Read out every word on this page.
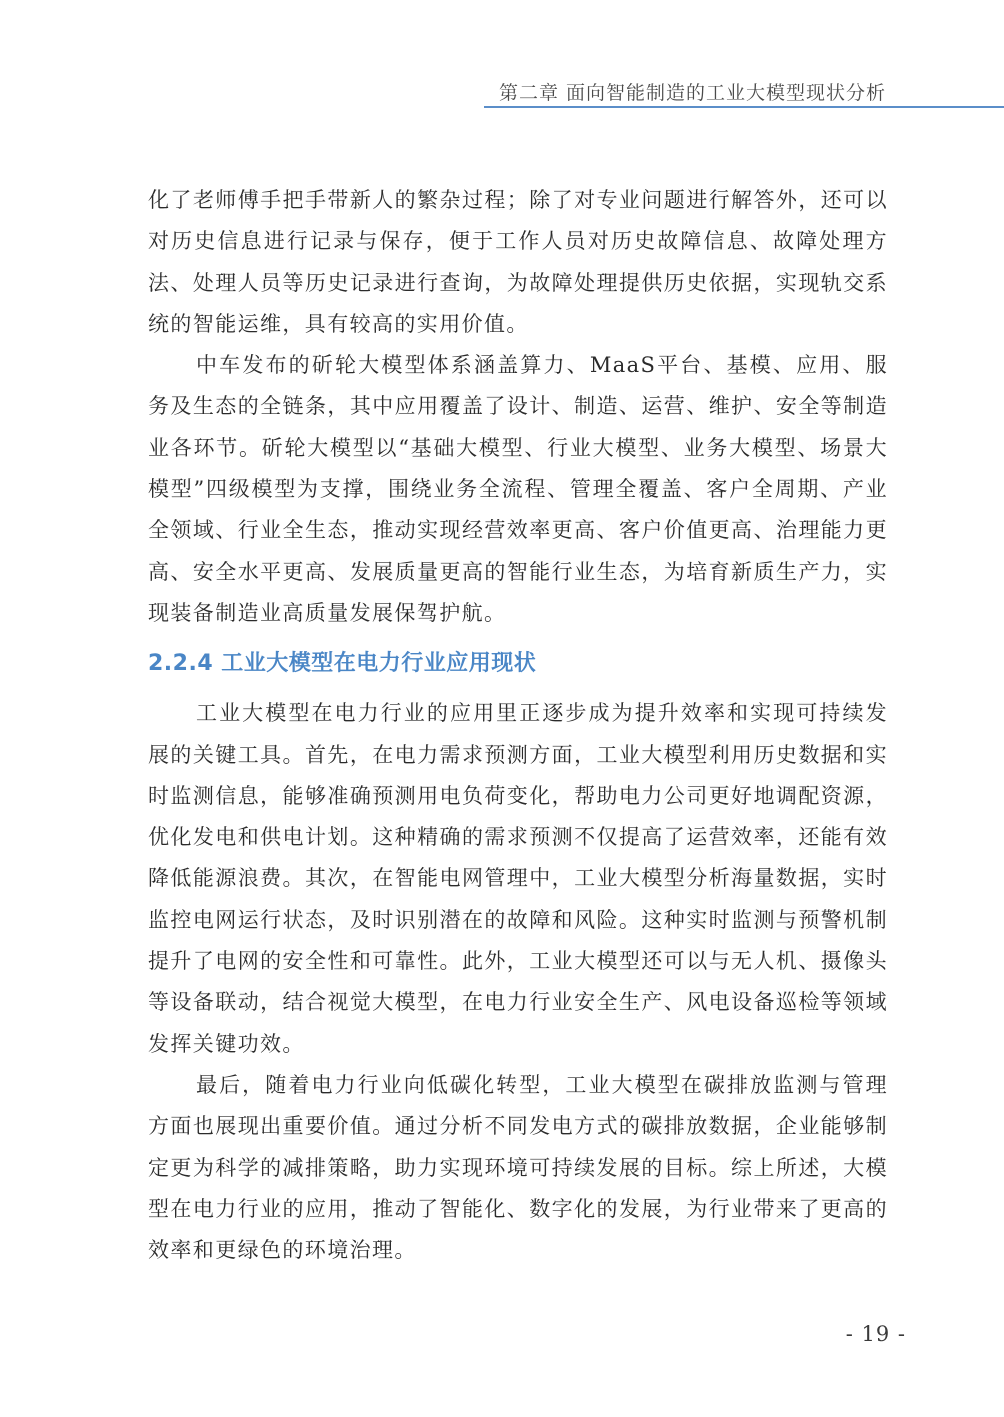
第二章 面向智能制造的工业大模型现状分析

化了老师傅手把手带新人的繁杂过程；除了对专业问题进行解答外，还可以对历史信息进行记录与保存，便于工作人员对历史故障信息、故障处理方法、处理人员等历史记录进行查询，为故障处理提供历史依据，实现轨交系统的智能运维，具有较高的实用价值。

中车发布的斫轮大模型体系涵盖算力、MaaS平台、基模、应用、服务及生态的全链条，其中应用覆盖了设计、制造、运营、维护、安全等制造业各环节。斫轮大模型以“基础大模型、行业大模型、业务大模型、场景大模型”四级模型为支撑，围绕业务全流程、管理全覆盖、客户全周期、产业全领域、行业全生态，推动实现经营效率更高、客户价值更高、治理能力更高、安全水平更高、发展质量更高的智能行业生态，为培育新质生产力，实现装备制造业高质量发展保驾护航。

2.2.4 工业大模型在电力行业应用现状

工业大模型在电力行业的应用里正逐步成为提升效率和实现可持续发展的关键工具。首先，在电力需求预测方面，工业大模型利用历史数据和实时监测信息，能够准确预测用电负荷变化，帮助电力公司更好地调配资源，优化发电和供电计划。这种精确的需求预测不仅提高了运营效率，还能有效降低能源浪费。其次，在智能电网管理中，工业大模型分析海量数据，实时监控电网运行状态，及时识别潜在的故障和风险。这种实时监测与预警机制提升了电网的安全性和可靠性。此外，工业大模型还可以与无人机、摄像头等设备联动，结合视觉大模型，在电力行业安全生产、风电设备巡检等领域发挥关键功效。

最后，随着电力行业向低碳化转型，工业大模型在碳排放监测与管理方面也展现出重要价值。通过分析不同发电方式的碳排放数据，企业能够制定更为科学的减排策略，助力实现环境可持续发展的目标。综上所述，大模型在电力行业的应用，推动了智能化、数字化的发展，为行业带来了更高的效率和更绿色的环境治理。

- 19 -
